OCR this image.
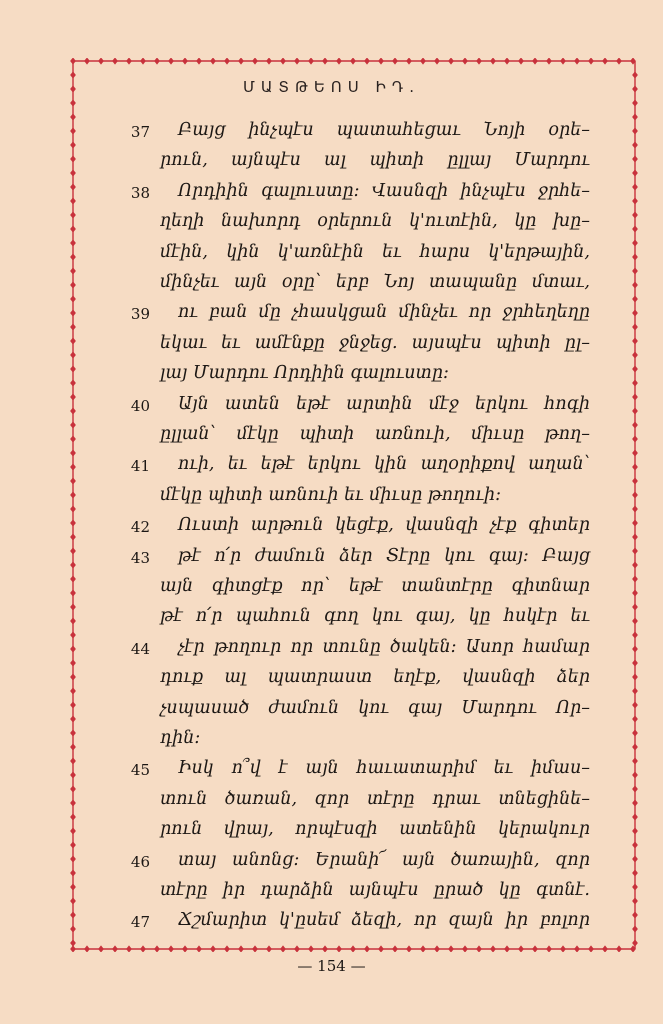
ՄԱՏԹԵՈՍ ԻԴ.
37 Բայց ինչպէս պատահեցաւ Նոյի օրե–
րուն, այնպէս ալ պիտի ըլլայ Մարդու
38 Որդիին գալուստը: Վասնզի ինչպէս ջրհե–
ղեղի նախորդ օրերուն կ'ուտէին, կը խը–
մէին, կին կ'առնէին եւ հարս կ'երթային,
մինչեւ այն օրը՝ երբ Նոյ տապանը մտաւ,
39 ու բան մը չհասկցան մինչեւ որ ջրհեղեղը
եկաւ եւ ամէնքը ջնջեց. այսպէս պիտի ըլ–
լայ Մարդու Որդիին գալուստը:
40 Այն ատեն եթէ արտին մէջ երկու հոգի
ըլլան՝ մէկը պիտի առնուի, միւսը թող–
41 ուի, եւ եթէ երկու կին աղօրիքով աղան՝
մէկը պիտի առնուի եւ միւսը թողուի:
42 Ուստի արթուն կեցէք, վասնզի չէք գիտեր
43 թէ ո՛ր ժամուն ձեր Տէրը կու գայ: Բայց
այն գիտցէք որ՝ եթէ տանտէրը գիտնար
թէ ո՛ր պահուն գող կու գայ, կը հսկէր եւ
44 չէր թողուր որ տունը ծակեն: Ասոր համար
դուք ալ պատրաստ եղէք, վասնզի ձեր
չսպասած ժամուն կու գայ Մարդու Որ–
դին:
45 Իսկ ո՞վ է այն հաւատարիմ եւ իմաս–
տուն ծառան, զոր տէրը դրաւ տնեցինե–
րուն վրայ, որպէսզի ատենին կերակուր
46 տայ անոնց: Երանի՜ այն ծառային, զոր
տէրը իր դարձին այնպէս ըրած կը գտնէ.
47 Ճշմարիտ կ'ըսեմ ձեզի, որ զայն իր բոլոր
— 154 —
